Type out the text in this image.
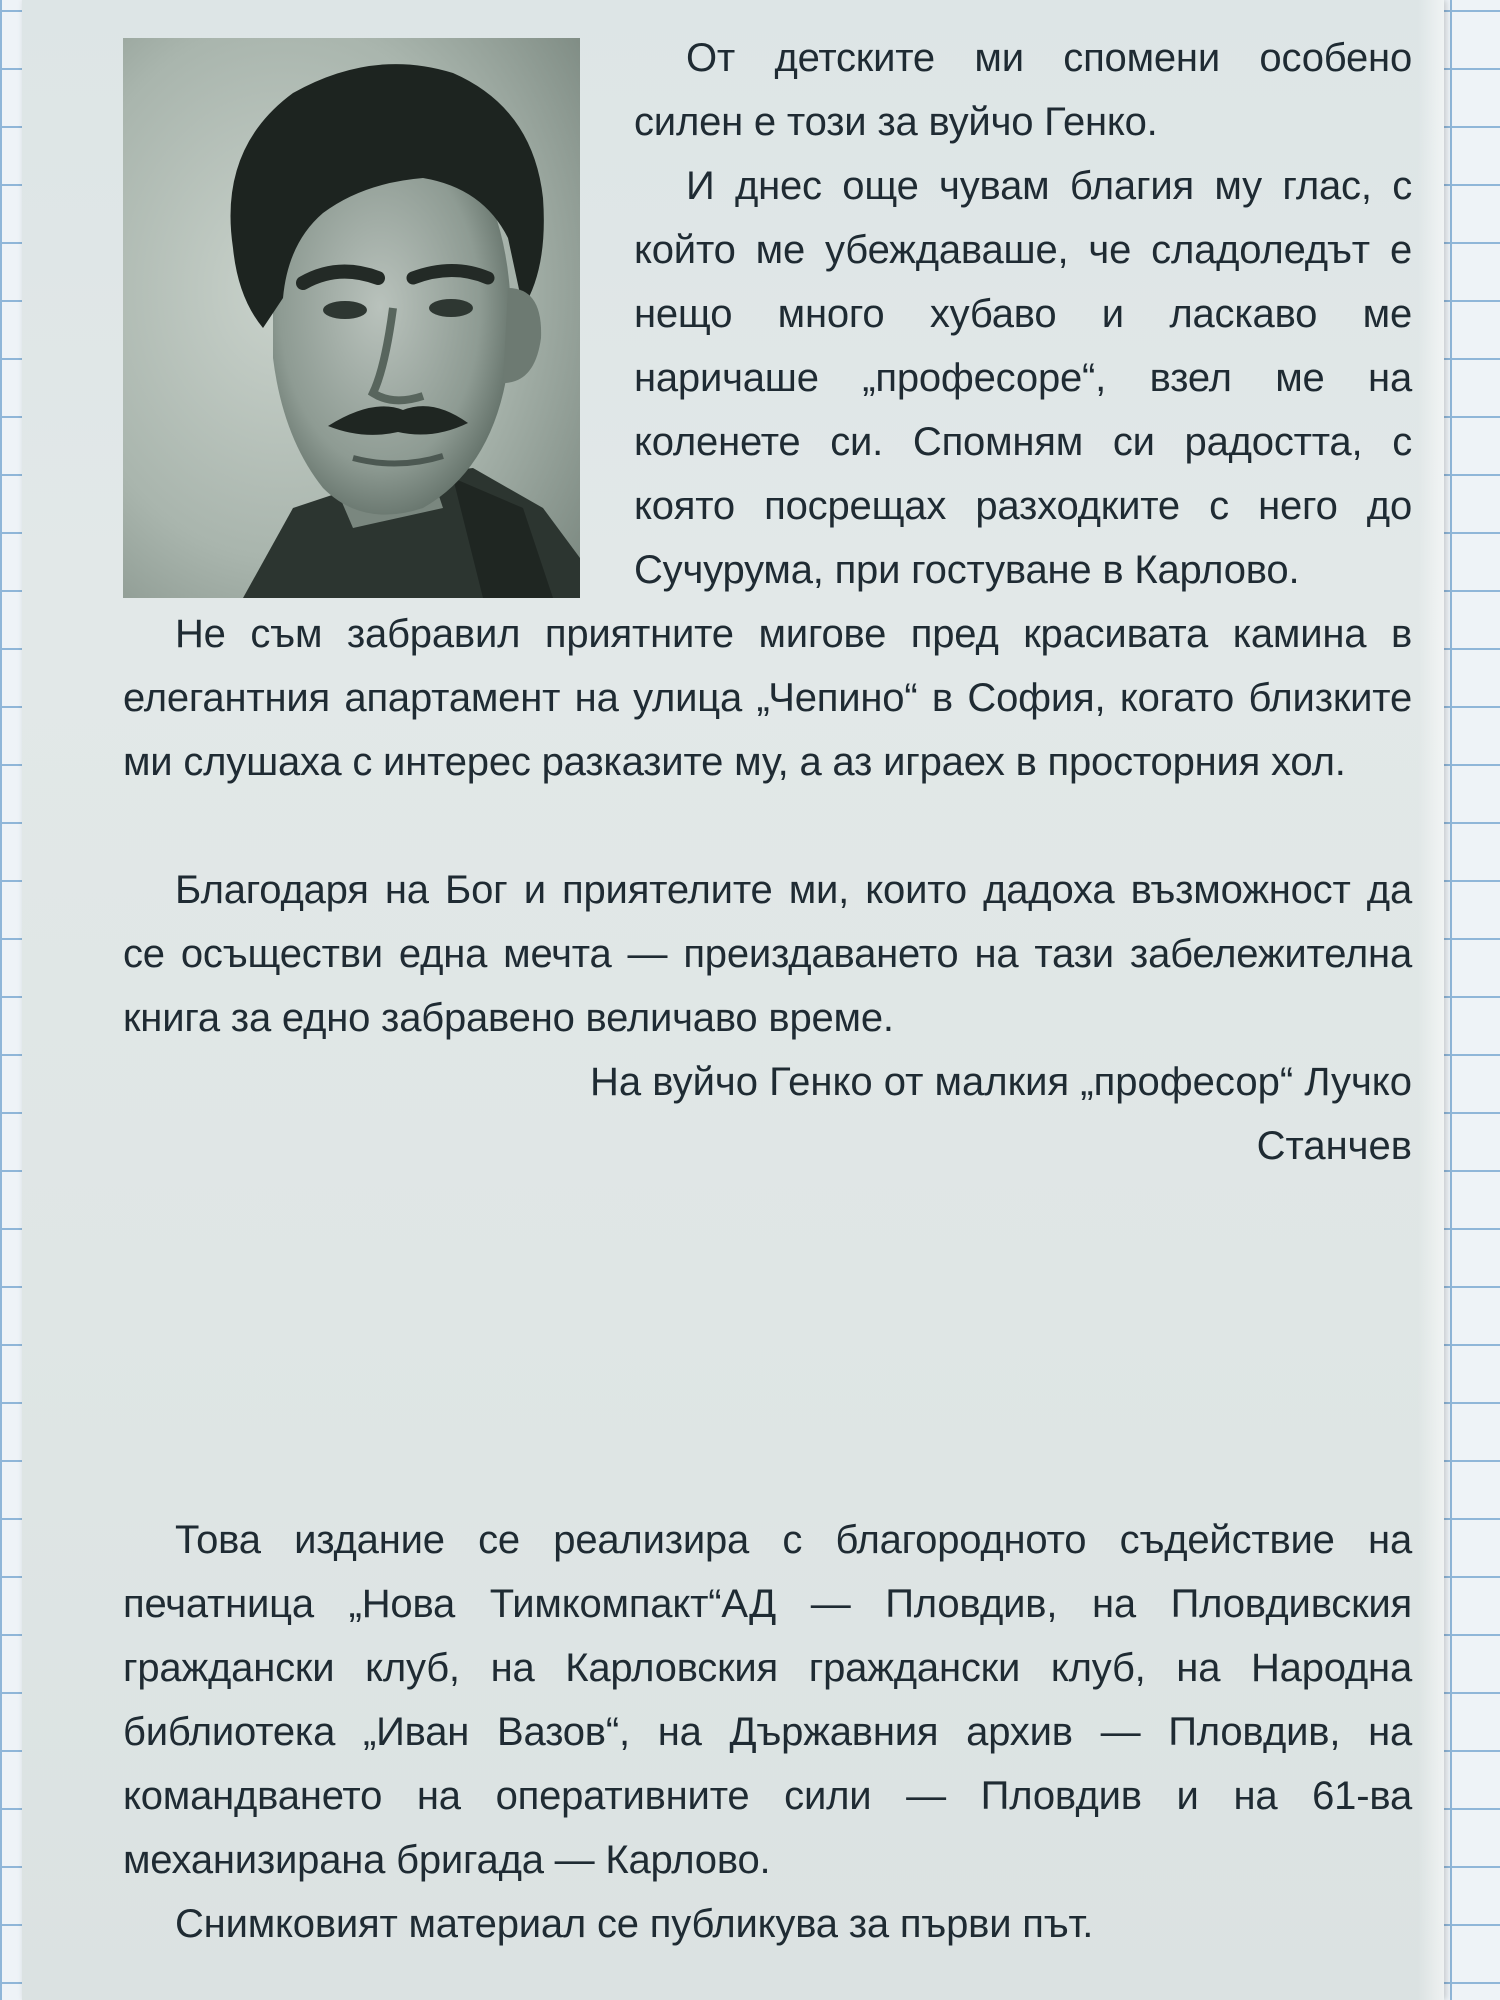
От детските ми спомени особено силен е този за вуйчо Генко.

И днес още чувам благия му глас, с който ме убеждаваше, че сладоледът е нещо много хубаво и ласкаво ме наричаше „професоре“, взел ме на коленете си. Спомням си радостта, с която посрещах разходките с него до Сучурума, при гостуване в Карлово.

Не съм забравил приятните мигове пред красивата камина в елегантния апартамент на улица „Чепино“ в София, когато близките ми слушаха с интерес разказите му, а аз играех в просторния хол.

Благодаря на Бог и приятелите ми, които дадоха възможност да се осъществи една мечта — преиздаването на тази забележителна книга за едно забравено величаво време.

На вуйчо Генко от малкия „професор“ Лучко
Станчев

Това издание се реализира с благородното съдействие на печатница „Нова Тимкомпакт“АД — Пловдив, на Пловдивския граждански клуб, на Карловския граждански клуб, на Народна библиотека „Иван Вазов“, на Държавния архив — Пловдив, на командването на оперативните сили — Пловдив и на 61-ва механизирана бригада — Карлово.

Снимковият материал се публикува за първи път.
